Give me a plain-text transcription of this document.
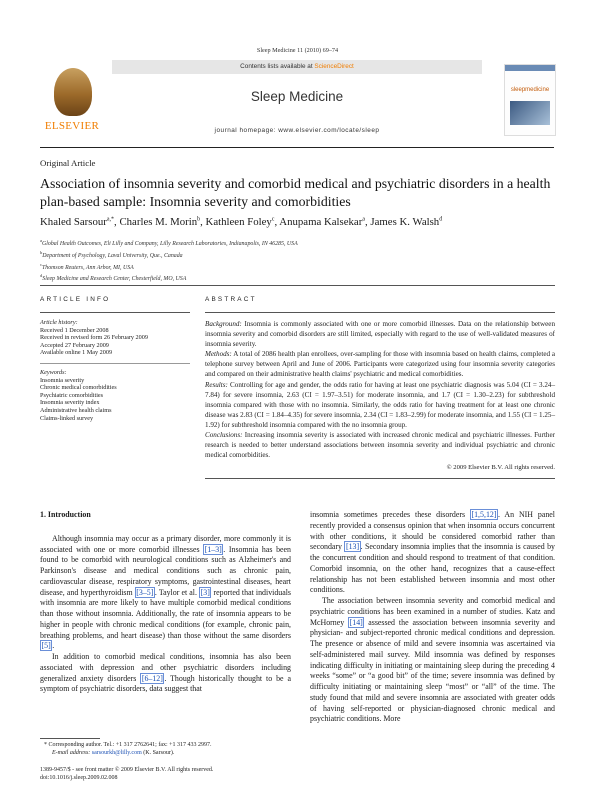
Sleep Medicine 11 (2010) 69–74
ELSEVIER
Contents lists available at ScienceDirect
Sleep Medicine
journal homepage: www.elsevier.com/locate/sleep
sleepmedicine
Original Article
Association of insomnia severity and comorbid medical and psychiatric disorders in a health plan-based sample: Insomnia severity and comorbidities
Khaled Sarsour$^{a,*}$, Charles M. Morin$^b$, Kathleen Foley$^c$, Anupama Kalsekar$^a$, James K. Walsh$^d$
$^a$Global Health Outcomes, Eli Lilly and Company, Lilly Research Laboratories, Indianapolis, IN 46285, USA
$^b$Department of Psychology, Laval University, Que., Canada
$^c$Thomson Reuters, Ann Arbor, MI, USA
$^d$Sleep Medicine and Research Center, Chesterfield, MO, USA
ARTICLE INFO
Article history:
Received 1 December 2008
Received in revised form 26 February 2009
Accepted 27 February 2009
Available online 1 May 2009
Keywords:
Insomnia severity
Chronic medical comorbidities
Psychiatric comorbidities
Insomnia severity index
Administrative health claims
Claims-linked survey
ABSTRACT
Background: Insomnia is commonly associated with one or more comorbid illnesses. Data on the relationship between insomnia severity and comorbid disorders are still limited, especially with regard to the use of well-validated measures of insomnia severity.
Methods: A total of 2086 health plan enrollees, over-sampling for those with insomnia based on health claims, completed a telephone survey between April and June of 2006. Participants were categorized using four insomnia severity categories and compared on their administrative health claims' psychiatric and medical comorbidities.
Results: Controlling for age and gender, the odds ratio for having at least one psychiatric diagnosis was 5.04 (CI = 3.24–7.84) for severe insomnia, 2.63 (CI = 1.97–3.51) for moderate insomnia, and 1.7 (CI = 1.30–2.23) for subthreshold insomnia compared with those with no insomnia. Similarly, the odds ratio for having treatment for at least one chronic disease was 2.83 (CI = 1.84–4.35) for severe insomnia, 2.34 (CI = 1.83–2.99) for moderate insomnia, and 1.55 (CI = 1.25–1.92) for subthreshold insomnia compared with the no insomnia group.
Conclusions: Increasing insomnia severity is associated with increased chronic medical and psychiatric illnesses. Further research is needed to better understand associations between insomnia severity and individual psychiatric and chronic medical comorbidities.
© 2009 Elsevier B.V. All rights reserved.
1. Introduction

Although insomnia may occur as a primary disorder, more commonly it is associated with one or more comorbid illnesses [1–3] . Insomnia has been found to be comorbid with neurological conditions such as Alzheimer's and Parkinson's disease and medical conditions such as chronic pain, cardiovascular disease, respiratory symptoms, gastrointestinal diseases, heart disease, and hyperthyroidism [3–5] . Taylor et al. [3] reported that individuals with insomnia are more likely to have multiple comorbid medical conditions than those without insomnia. Additionally, the rate of insomnia appears to be higher in people with chronic medical conditions (for example, chronic pain, breathing problems, and heart disease) than those without the same disorders [5] .

In addition to comorbid medical conditions, insomnia has also been associated with depression and other psychiatric disorders including generalized anxiety disorders [6–12] . Though historically thought to be a symptom of psychiatric disorders, data suggest that

insomnia sometimes precedes these disorders [1,5,12] . An NIH panel recently provided a consensus opinion that when insomnia occurs concurrent with other conditions, it should be considered comorbid rather than secondary [13] . Secondary insomnia implies that the insomnia is caused by the concurrent condition and should respond to treatment of that condition. Comorbid insomnia, on the other hand, recognizes that a cause-effect relationship has not been established between insomnia and most other conditions.

The association between insomnia severity and comorbid medical and psychiatric conditions has been examined in a number of studies. Katz and McHorney [14] assessed the association between insomnia severity and physician- and subject-reported chronic medical conditions and depression. The presence or absence of mild and severe insomnia was ascertained via self-administered mail survey. Mild insomnia was defined by responses indicating difficulty in initiating or maintaining sleep during the preceding 4 weeks “some” or “a good bit” of the time; severe insomnia was defined by difficulty initiating or maintaining sleep “most” or “all” of the time. The study found that mild and severe insomnia are associated with greater odds of having self-reported or physician-diagnosed chronic medical and psychiatric conditions. More

* Corresponding author. Tel.: +1 317 2762641; fax: +1 317 433 2997.
E-mail address: sarsourkh@lilly.com (K. Sarsour).
1389-9457/$ - see front matter © 2009 Elsevier B.V. All rights reserved.
doi:10.1016/j.sleep.2009.02.008
